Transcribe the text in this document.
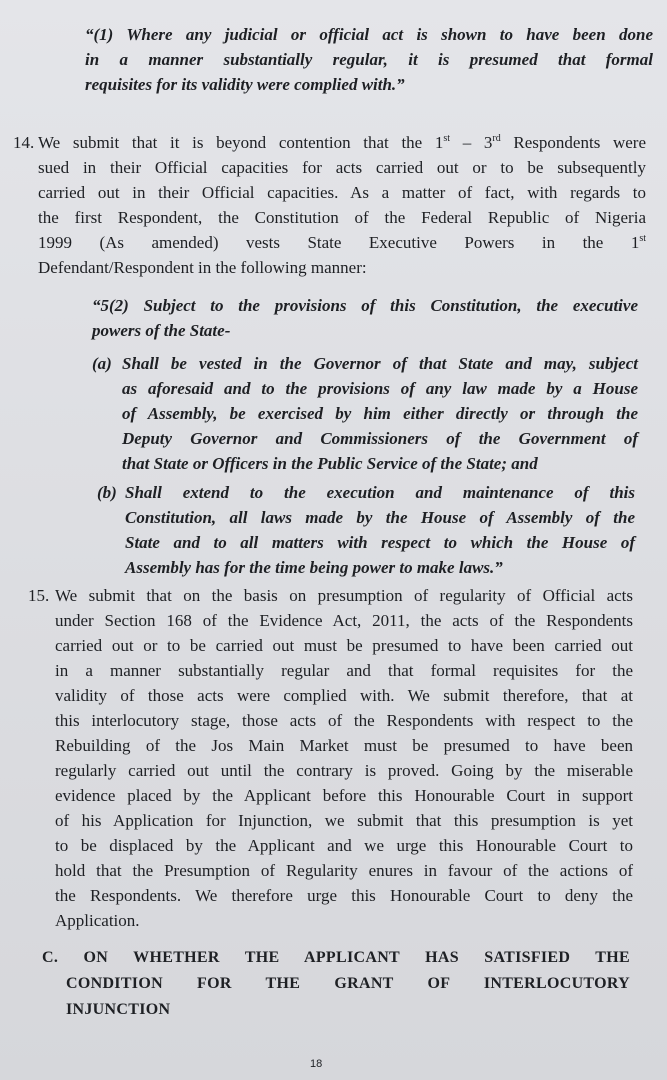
“(1) Where any judicial or official act is shown to have been done
in a manner substantially regular, it is presumed that formal
requisites for its validity were complied with.”
14. We submit that it is beyond contention that the 1st – 3rd Respondents were
sued in their Official capacities for acts carried out or to be subsequently
carried out in their Official capacities. As a matter of fact, with regards to
the first Respondent, the Constitution of the Federal Republic of Nigeria
1999 (As amended) vests State Executive Powers in the 1st
Defendant/Respondent in the following manner:
“5(2) Subject to the provisions of this Constitution, the executive
powers of the State-
(a) Shall be vested in the Governor of that State and may, subject
as aforesaid and to the provisions of any law made by a House
of Assembly, be exercised by him either directly or through the
Deputy Governor and Commissioners of the Government of
that State or Officers in the Public Service of the State; and
(b) Shall extend to the execution and maintenance of this
Constitution, all laws made by the House of Assembly of the
State and to all matters with respect to which the House of
Assembly has for the time being power to make laws.”
15. We submit that on the basis on presumption of regularity of Official acts
under Section 168 of the Evidence Act, 2011, the acts of the Respondents
carried out or to be carried out must be presumed to have been carried out
in a manner substantially regular and that formal requisites for the
validity of those acts were complied with. We submit therefore, that at
this interlocutory stage, those acts of the Respondents with respect to the
Rebuilding of the Jos Main Market must be presumed to have been
regularly carried out until the contrary is proved. Going by the miserable
evidence placed by the Applicant before this Honourable Court in support
of his Application for Injunction, we submit that this presumption is yet
to be displaced by the Applicant and we urge this Honourable Court to
hold that the Presumption of Regularity enures in favour of the actions of
the Respondents. We therefore urge this Honourable Court to deny the
Application.
C. ON WHETHER THE APPLICANT HAS SATISFIED THE
CONDITION FOR THE GRANT OF INTERLOCUTORY
INJUNCTION
18
